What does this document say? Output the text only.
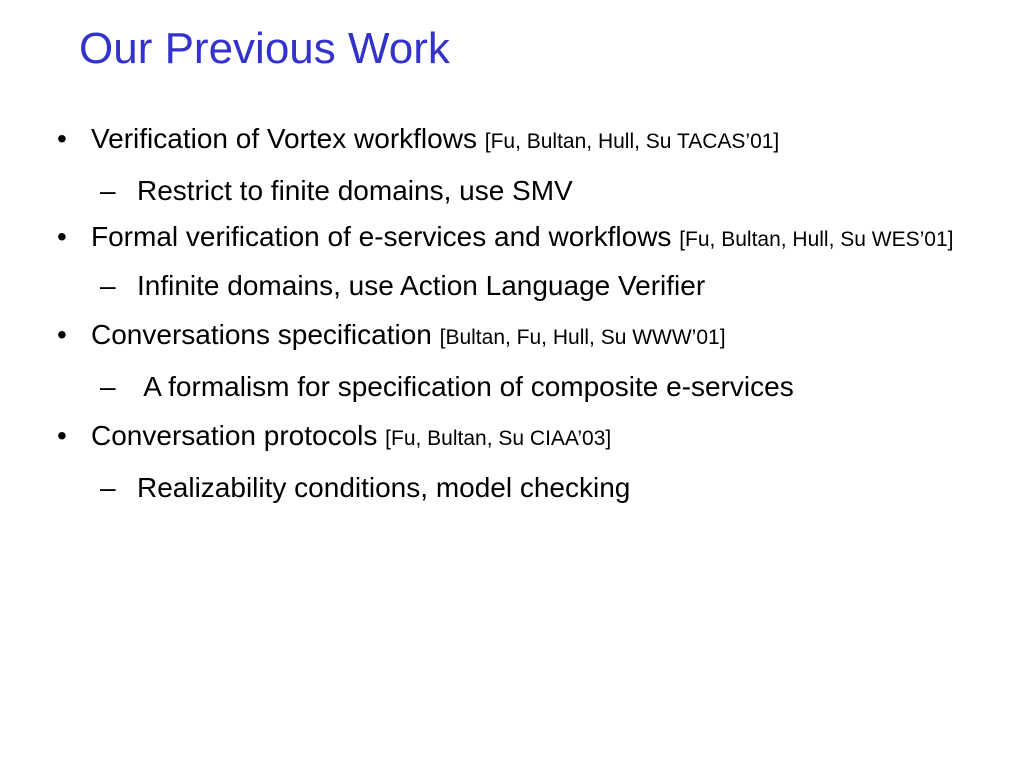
Our Previous Work
• Verification of Vortex workflows [Fu, Bultan, Hull, Su TACAS’01]
– Restrict to finite domains, use SMV
• Formal verification of e-services and workflows [Fu, Bultan, Hull, Su WES’01]
– Infinite domains, use Action Language Verifier
• Conversations specification [Bultan, Fu, Hull, Su WWW’01]
– A formalism for specification of composite e-services
• Conversation protocols [Fu, Bultan, Su CIAA’03]
– Realizability conditions, model checking
